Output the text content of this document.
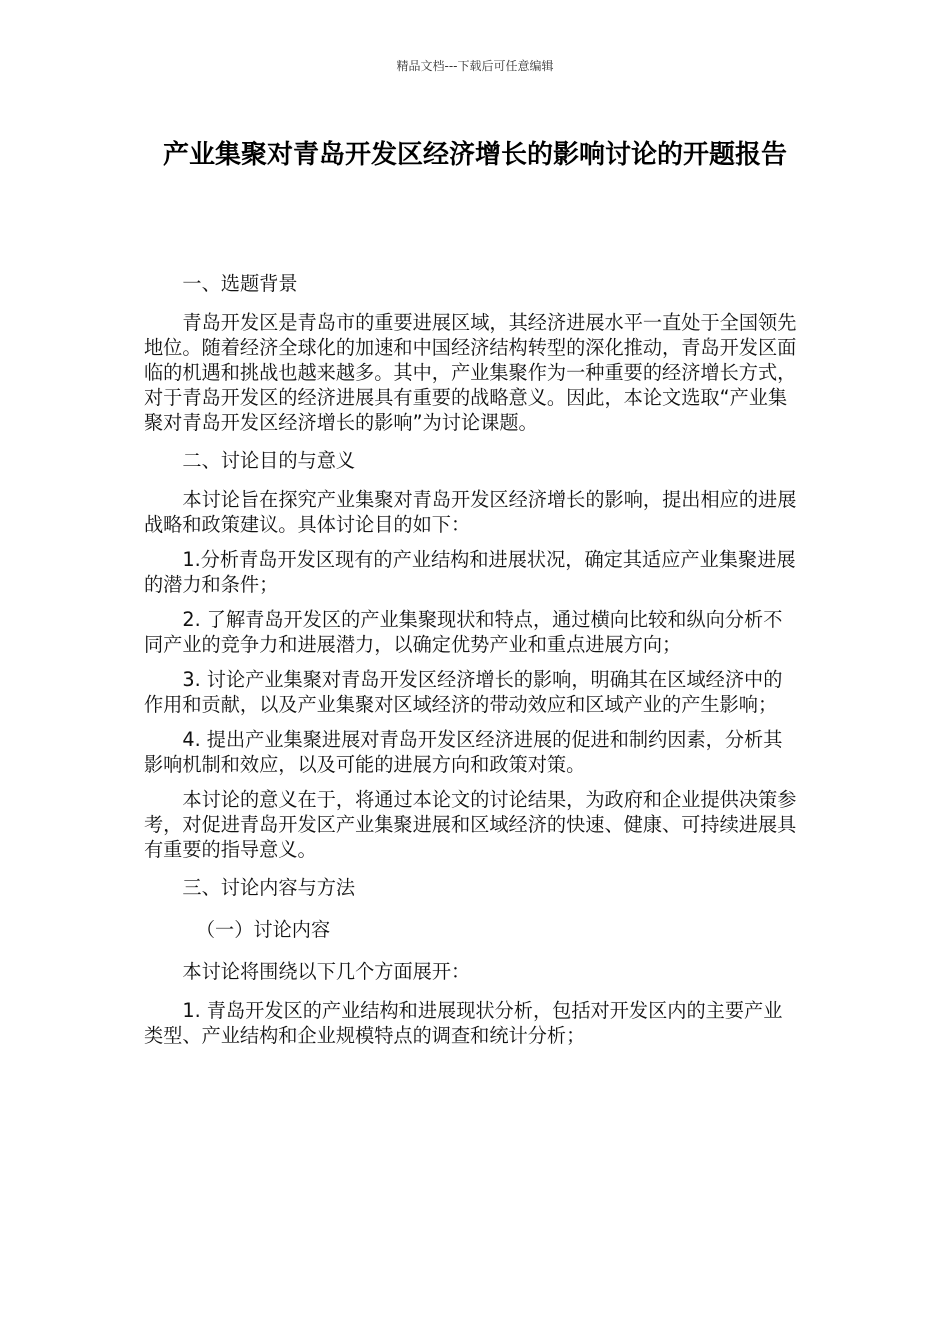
精品文档---下载后可任意编辑
产业集聚对青岛开发区经济增长的影响讨论的开题报告

一、选题背景

青岛开发区是青岛市的重要进展区域，其经济进展水平一直处于全国领先地位。随着经济全球化的加速和中国经济结构转型的深化推动，青岛开发区面临的机遇和挑战也越来越多。其中，产业集聚作为一种重要的经济增长方式，对于青岛开发区的经济进展具有重要的战略意义。因此，本论文选取“产业集聚对青岛开发区经济增长的影响”为讨论课题。

二、讨论目的与意义

本讨论旨在探究产业集聚对青岛开发区经济增长的影响，提出相应的进展战略和政策建议。具体讨论目的如下：

1.分析青岛开发区现有的产业结构和进展状况，确定其适应产业集聚进展的潜力和条件；

2. 了解青岛开发区的产业集聚现状和特点，通过横向比较和纵向分析不同产业的竞争力和进展潜力，以确定优势产业和重点进展方向；

3. 讨论产业集聚对青岛开发区经济增长的影响，明确其在区域经济中的作用和贡献，以及产业集聚对区域经济的带动效应和区域产业的产生影响；

4. 提出产业集聚进展对青岛开发区经济进展的促进和制约因素，分析其影响机制和效应，以及可能的进展方向和政策对策。

本讨论的意义在于，将通过本论文的讨论结果，为政府和企业提供决策参考，对促进青岛开发区产业集聚进展和区域经济的快速、健康、可持续进展具有重要的指导意义。

三、讨论内容与方法

（一）讨论内容

本讨论将围绕以下几个方面展开：

1. 青岛开发区的产业结构和进展现状分析，包括对开发区内的主要产业类型、产业结构和企业规模特点的调查和统计分析；
